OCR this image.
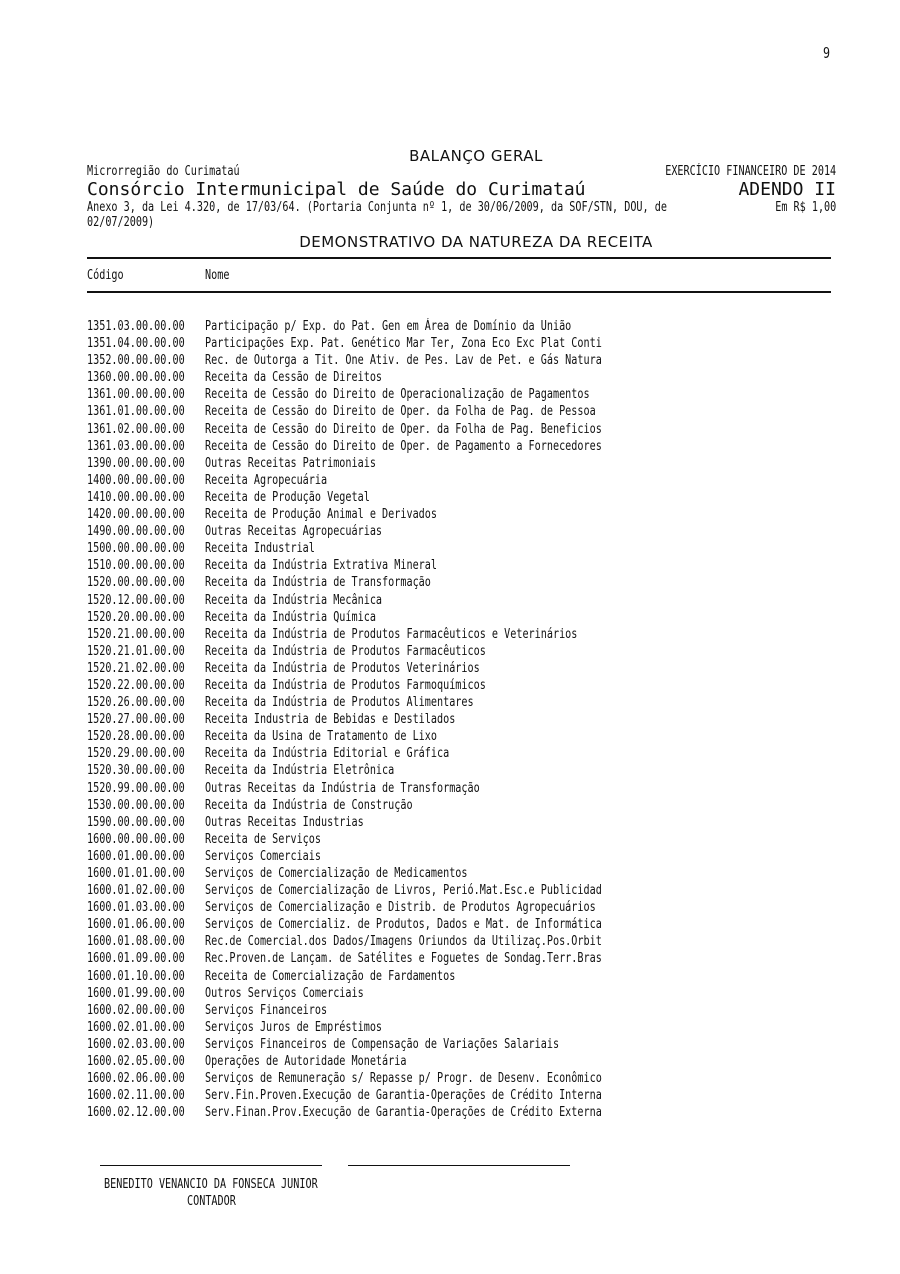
9
BALANÇO GERAL
Microrregião do Curimataú	EXERCÍCIO FINANCEIRO DE 2014
Consórcio Intermunicipal de Saúde do Curimataú	ADENDO II
Anexo 3, da Lei 4.320, de 17/03/64. (Portaria Conjunta nº 1, de 30/06/2009, da SOF/STN, DOU, de 02/07/2009)
Em R$ 1,00
DEMONSTRATIVO DA NATUREZA DA RECEITA
Código	Nome
1351.03.00.00.00 Participação p/ Exp. do Pat. Gen em Área de Domínio da União
1351.04.00.00.00 Participações Exp. Pat. Genético Mar Ter, Zona Eco Exc Plat Conti
1352.00.00.00.00 Rec. de Outorga a Tit. One Ativ. de Pes. Lav de Pet. e Gás Natura
1360.00.00.00.00 Receita da Cessão de Direitos
1361.00.00.00.00 Receita de Cessão do Direito de Operacionalização de Pagamentos
1361.01.00.00.00 Receita de Cessão do Direito de Oper. da Folha de Pag. de Pessoa
1361.02.00.00.00 Receita de Cessão do Direito de Oper. da Folha de Pag. Beneficios
1361.03.00.00.00 Receita de Cessão do Direito de Oper. de Pagamento a Fornecedores
1390.00.00.00.00 Outras Receitas Patrimoniais
1400.00.00.00.00 Receita Agropecuária
1410.00.00.00.00 Receita de Produção Vegetal
1420.00.00.00.00 Receita de Produção Animal e Derivados
1490.00.00.00.00 Outras Receitas Agropecuárias
1500.00.00.00.00 Receita Industrial
1510.00.00.00.00 Receita da Indústria Extrativa Mineral
1520.00.00.00.00 Receita da Indústria de Transformação
1520.12.00.00.00 Receita da Indústria Mecânica
1520.20.00.00.00 Receita da Indústria Química
1520.21.00.00.00 Receita da Indústria de Produtos Farmacêuticos e Veterinários
1520.21.01.00.00 Receita da Indústria de Produtos Farmacêuticos
1520.21.02.00.00 Receita da Indústria de Produtos Veterinários
1520.22.00.00.00 Receita da Indústria de Produtos Farmoquímicos
1520.26.00.00.00 Receita da Indústria de Produtos Alimentares
1520.27.00.00.00 Receita Industria de Bebidas e Destilados
1520.28.00.00.00 Receita da Usina de Tratamento de Lixo
1520.29.00.00.00 Receita da Indústria Editorial e Gráfica
1520.30.00.00.00 Receita da Indústria Eletrônica
1520.99.00.00.00 Outras Receitas da Indústria de Transformação
1530.00.00.00.00 Receita da Indústria de Construção
1590.00.00.00.00 Outras Receitas Industrias
1600.00.00.00.00 Receita de Serviços
1600.01.00.00.00 Serviços Comerciais
1600.01.01.00.00 Serviços de Comercialização de Medicamentos
1600.01.02.00.00 Serviços de Comercialização de Livros, Perió.Mat.Esc.e Publicidad
1600.01.03.00.00 Serviços de Comercialização e Distrib. de Produtos Agropecuários
1600.01.06.00.00 Serviços de Comercializ. de Produtos, Dados e Mat. de Informática
1600.01.08.00.00 Rec.de Comercial.dos Dados/Imagens Oriundos da Utilizaç.Pos.Orbit
1600.01.09.00.00 Rec.Proven.de Lançam. de Satélites e Foguetes de Sondag.Terr.Bras
1600.01.10.00.00 Receita de Comercialização de Fardamentos
1600.01.99.00.00 Outros Serviços Comerciais
1600.02.00.00.00 Serviços Financeiros
1600.02.01.00.00 Serviços Juros de Empréstimos
1600.02.03.00.00 Serviços Financeiros de Compensação de Variações Salariais
1600.02.05.00.00 Operações de Autoridade Monetária
1600.02.06.00.00 Serviços de Remuneração s/ Repasse p/ Progr. de Desenv. Econômico
1600.02.11.00.00 Serv.Fin.Proven.Execução de Garantia-Operações de Crédito Interna
1600.02.12.00.00 Serv.Finan.Prov.Execução de Garantia-Operações de Crédito Externa
BENEDITO VENANCIO DA FONSECA JUNIOR
CONTADOR
